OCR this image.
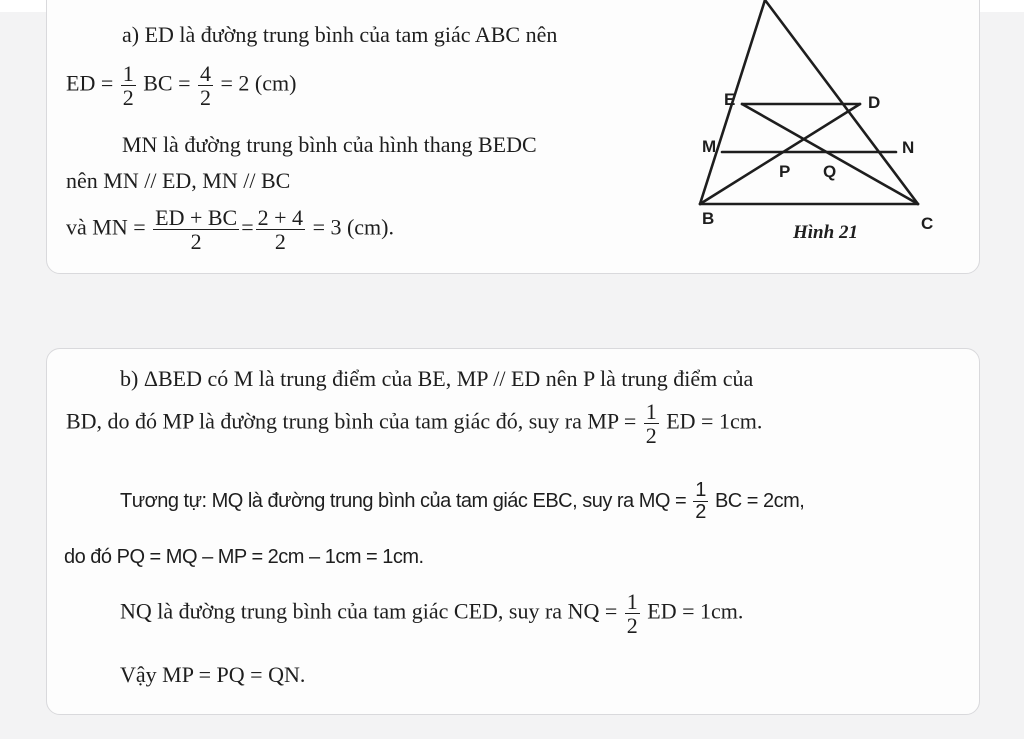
a) ED là đường trung bình của tam giác ABC nên
ED = $\frac{1}{2}$ BC = $\frac{4}{2} = 2$ (cm)
MN là đường trung bình của hình thang BEDC
nên MN // ED, MN // BC
và MN = $\frac{ED + BC}{2} = \frac{2 + 4}{2} = 3$ (cm).
E	D
M	N
P Q
B	C
Hình 21
b) ΔBED có M là trung điểm của BE, MP // ED nên P là trung điểm của
BD, do đó MP là đường trung bình của tam giác đó, suy ra MP = $\frac{1}{2}$ ED = 1cm.
Tương tự: MQ là đường trung bình của tam giác EBC, suy ra MQ = $\frac{1}{2}$ BC = 2cm,
do đó PQ = MQ – MP = 2cm – 1cm = 1cm.
NQ là đường trung bình của tam giác CED, suy ra NQ = $\frac{1}{2}$ ED = 1cm.
Vậy MP = PQ = QN.
